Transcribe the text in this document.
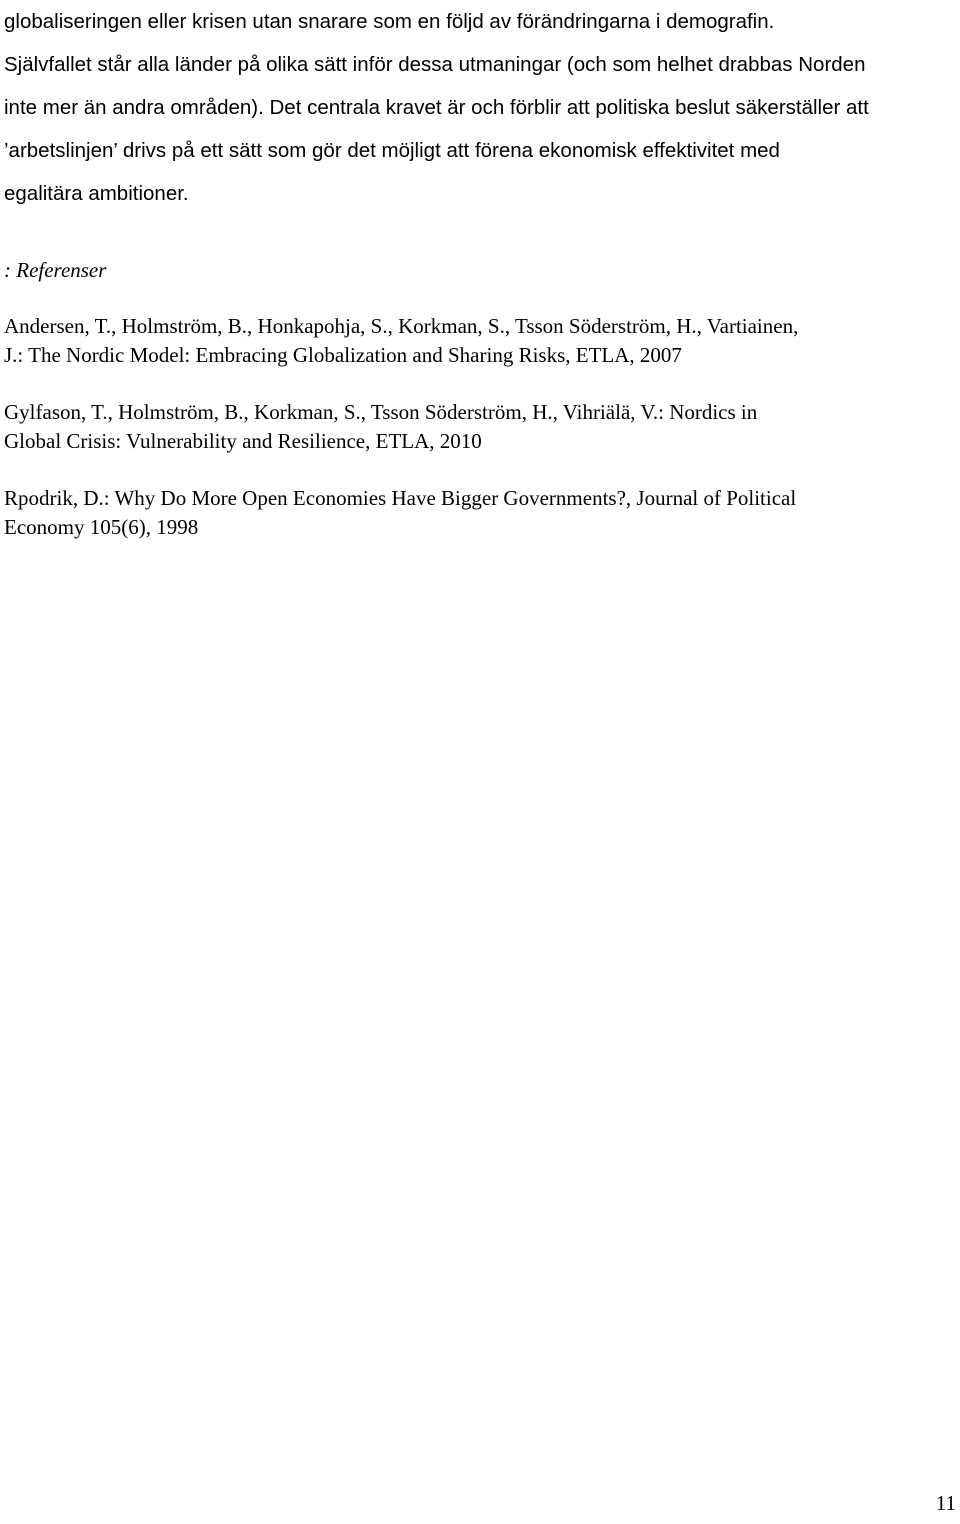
globaliseringen eller krisen utan snarare som en följd av förändringarna i demografin.
Självfallet står alla länder på olika sätt inför dessa utmaningar (och som helhet drabbas Norden
inte mer än andra områden). Det centrala kravet är och förblir att politiska beslut säkerställer att
’arbetslinjen’ drivs på ett sätt som gör det möjligt att förena ekonomisk effektivitet med
egalitära ambitioner.
: Referenser
Andersen, T., Holmström, B., Honkapohja, S., Korkman, S., Tsson Söderström, H., Vartiainen,
J.: The Nordic Model: Embracing Globalization and Sharing Risks, ETLA, 2007
Gylfason, T., Holmström, B., Korkman, S., Tsson Söderström, H., Vihriälä, V.: Nordics in
Global Crisis: Vulnerability and Resilience, ETLA, 2010
Rpodrik, D.: Why Do More Open Economies Have Bigger Governments?, Journal of Political
Economy 105(6), 1998
11
